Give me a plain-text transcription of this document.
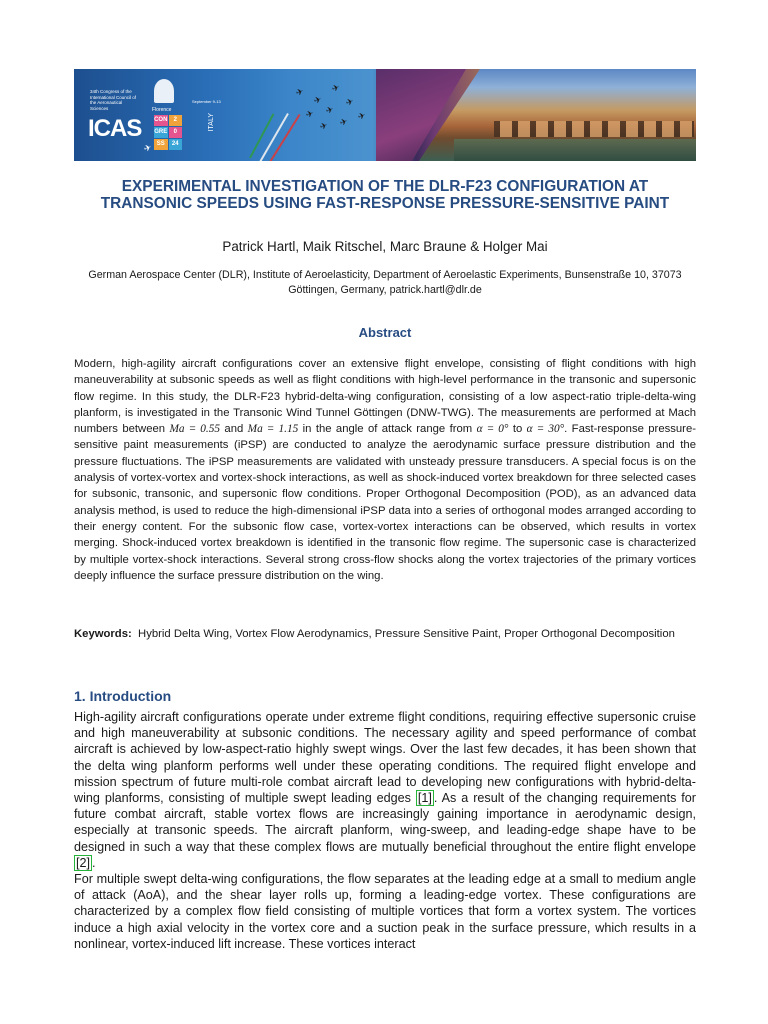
34th Congress of the International Council of the Aeronautical Sciences
ICAS
Florence
September 9-13
CON	2
GRE	0
SS	24
ITALY
✈
✈
✈
✈ ✈
✈
✈ ✈
✈
✈
EXPERIMENTAL INVESTIGATION OF THE DLR-F23 CONFIGURATION AT TRANSONIC SPEEDS USING FAST-RESPONSE PRESSURE-SENSITIVE PAINT
Patrick Hartl, Maik Ritschel, Marc Braune & Holger Mai
German Aerospace Center (DLR), Institute of Aeroelasticity, Department of Aeroelastic Experiments, Bunsenstraße 10, 37073 Göttingen, Germany, patrick.hartl@dlr.de
Abstract

Modern, high-agility aircraft configurations cover an extensive flight envelope, consisting of flight conditions with high maneuverability at subsonic speeds as well as flight conditions with high-level performance in the transonic and supersonic flow regime. In this study, the DLR-F23 hybrid-delta-wing configuration, consisting of a low aspect-ratio triple-delta-wing planform, is investigated in the Transonic Wind Tunnel Göttingen (DNW-TWG). The measurements are performed at Mach numbers between Ma = 0.55 and Ma = 1.15 in the angle of attack range from α = 0° to α = 30°. Fast-response pressure-sensitive paint measurements (iPSP) are conducted to analyze the aerodynamic surface pressure distribution and the pressure fluctuations. The iPSP measurements are validated with unsteady pressure transducers. A special focus is on the analysis of vortex-vortex and vortex-shock interactions, as well as shock-induced vortex breakdown for three selected cases for subsonic, transonic, and supersonic flow conditions. Proper Orthogonal Decomposition (POD), as an advanced data analysis method, is used to reduce the high-dimensional iPSP data into a series of orthogonal modes arranged according to their energy content. For the subsonic flow case, vortex-vortex interactions can be observed, which results in vortex merging. Shock-induced vortex breakdown is identified in the transonic flow regime. The supersonic case is characterized by multiple vortex-shock interactions. Several strong cross-flow shocks along the vortex trajectories of the primary vortices deeply influence the surface pressure distribution on the wing.

Keywords: Hybrid Delta Wing, Vortex Flow Aerodynamics, Pressure Sensitive Paint, Proper Orthogonal Decomposition

1. Introduction

High-agility aircraft configurations operate under extreme flight conditions, requiring effective supersonic cruise and high maneuverability at subsonic conditions. The necessary agility and speed performance of combat aircraft is achieved by low-aspect-ratio highly swept wings. Over the last few decades, it has been shown that the delta wing planform performs well under these operating conditions. The required flight envelope and mission spectrum of future multi-role combat aircraft lead to developing new configurations with hybrid-delta-wing planforms, consisting of multiple swept leading edges [1] . As a result of the changing requirements for future combat aircraft, stable vortex flows are increasingly gaining importance in aerodynamic design, especially at transonic speeds. The aircraft planform, wing-sweep, and leading-edge shape have to be designed in such a way that these complex flows are mutually beneficial throughout the entire flight envelope [2] .

For multiple swept delta-wing configurations, the flow separates at the leading edge at a small to medium angle of attack (AoA), and the shear layer rolls up, forming a leading-edge vortex. These configurations are characterized by a complex flow field consisting of multiple vortices that form a vortex system. The vortices induce a high axial velocity in the vortex core and a suction peak in the surface pressure, which results in a nonlinear, vortex-induced lift increase. These vortices interact
